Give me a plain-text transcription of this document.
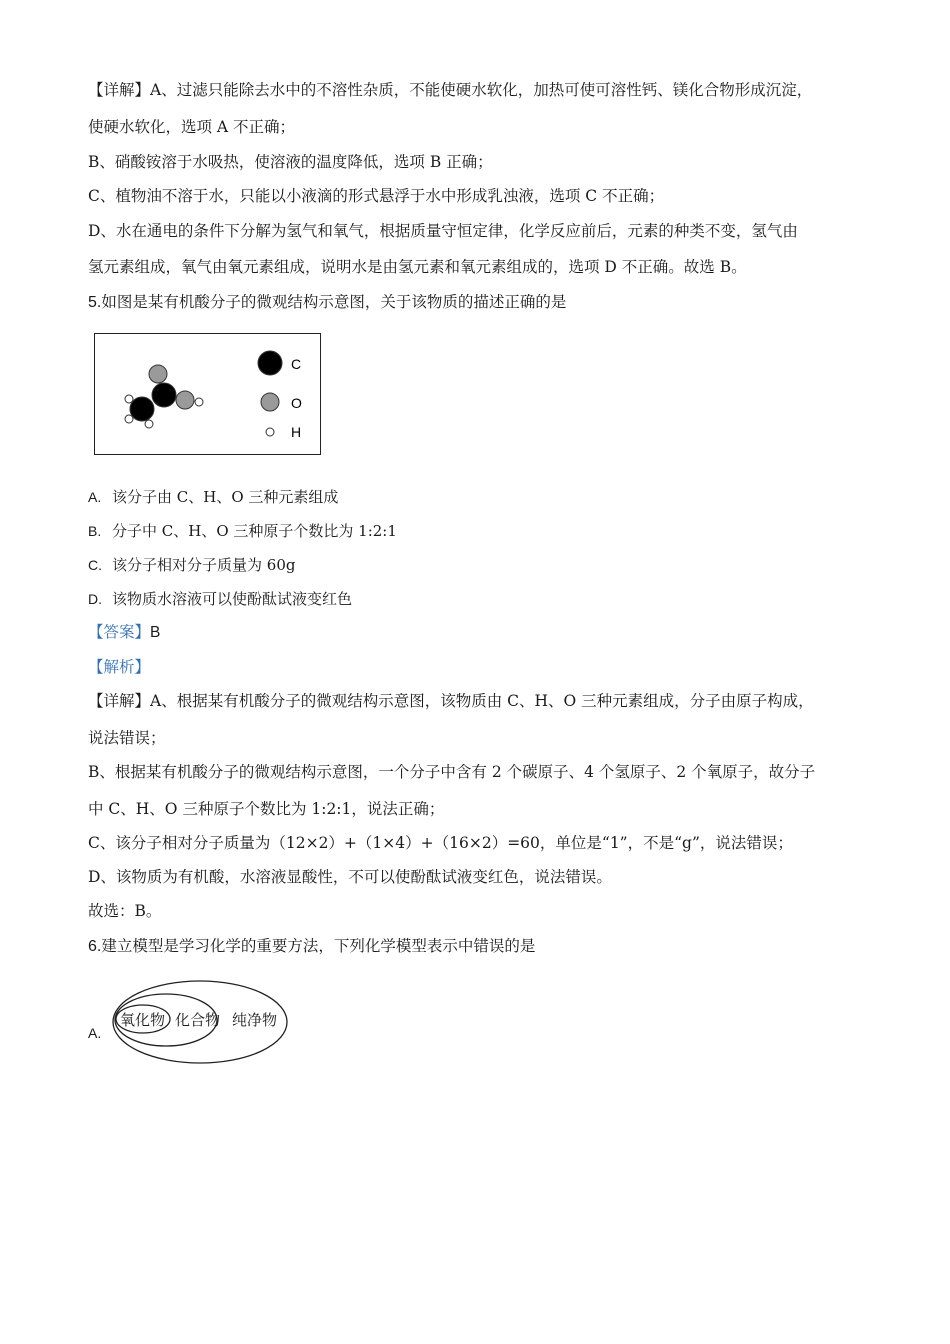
【详解】A、过滤只能除去水中的不溶性杂质，不能使硬水软化，加热可使可溶性钙、镁化合物形成沉淀，
使硬水软化，选项 A 不正确；
B、硝酸铵溶于水吸热，使溶液的温度降低，选项 B 正确；
C、植物油不溶于水，只能以小液滴的形式悬浮于水中形成乳浊液，选项 C 不正确；
D、水在通电的条件下分解为氢气和氧气，根据质量守恒定律，化学反应前后，元素的种类不变，氢气由
氢元素组成，氧气由氧元素组成，说明水是由氢元素和氧元素组成的，选项 D 不正确。故选 B。
5.如图是某有机酸分子的微观结构示意图，关于该物质的描述正确的是
C
O
H
A. 该分子由 C、H、O 三种元素组成
B. 分子中 C、H、O 三种原子个数比为 1:2:1
C. 该分子相对分子质量为 60g
D. 该物质水溶液可以使酚酞试液变红色
【答案】B
【解析】
【详解】A、根据某有机酸分子的微观结构示意图，该物质由 C、H、O 三种元素组成，分子由原子构成，
说法错误；
B、根据某有机酸分子的微观结构示意图，一个分子中含有 2 个碳原子、4 个氢原子、2 个氧原子，故分子
中 C、H、O 三种原子个数比为 1:2:1，说法正确；
C、该分子相对分子质量为（12×2）+（1×4）+（16×2）=60，单位是“1”，不是“g”，说法错误；
D、该物质为有机酸，水溶液显酸性，不可以使酚酞试液变红色，说法错误。
故选：B。
6.建立模型是学习化学的重要方法，下列化学模型表示中错误的是
A.
氧化物 化合物 纯净物
